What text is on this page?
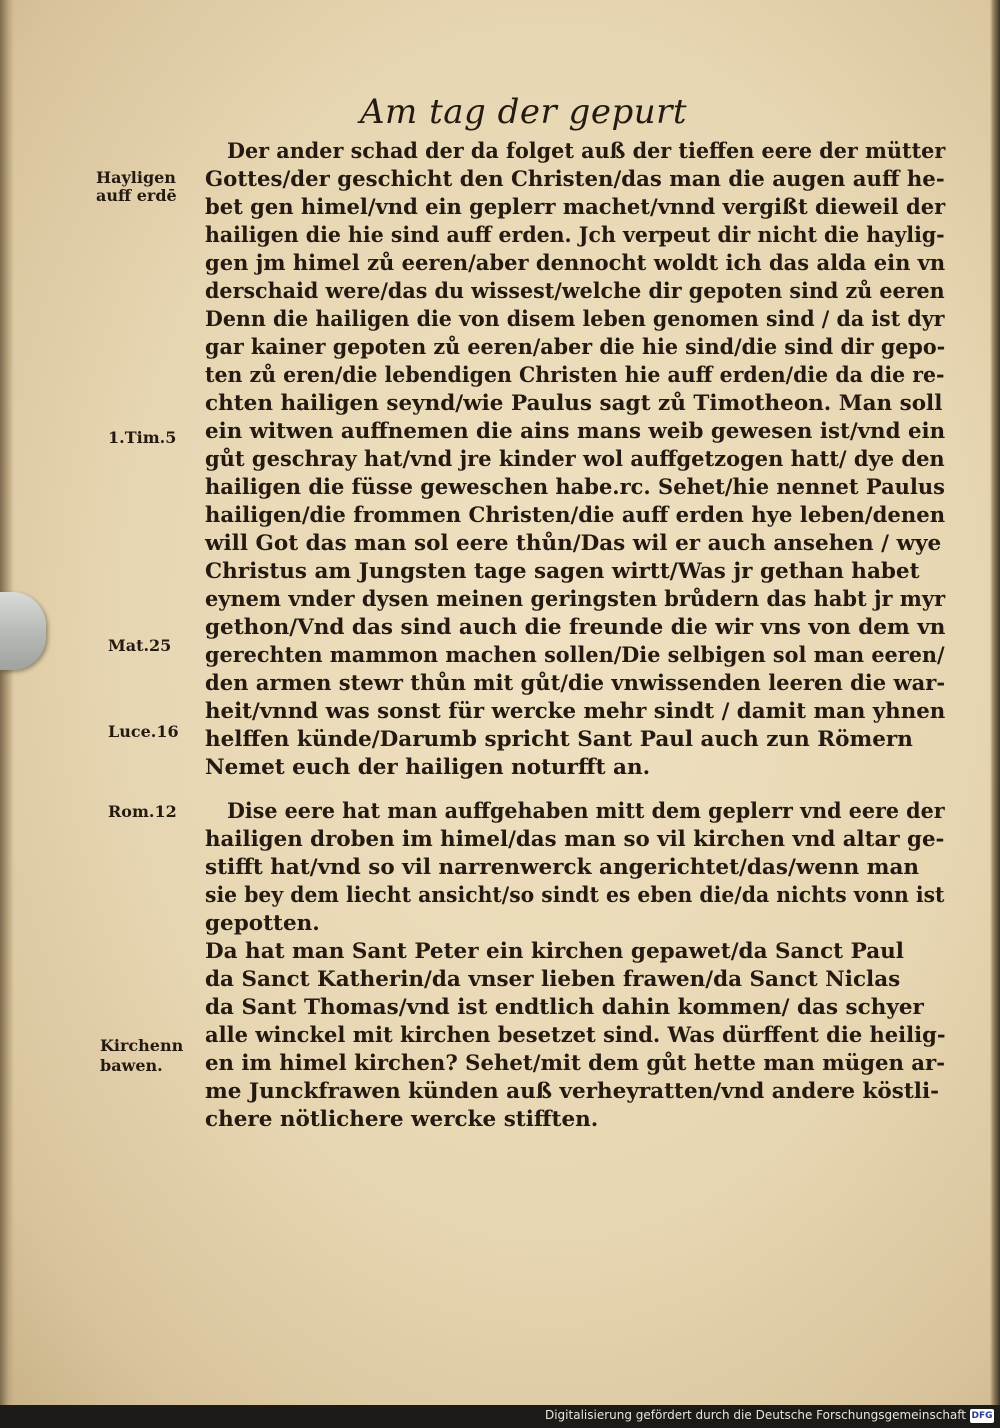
Am tag der gepurt
Hayligen
auff erdē
1.Tim.5
Mat.25
Luce.16
Rom.12
Kirchenn
bawen.
Der ander schad der da folget auß der tieffen eere der mütter
Gottes/der geschicht den Christen/das man die augen auff he-
bet gen himel/vnd ein geplerr machet/vnnd vergißt dieweil der
hailigen die hie sind auff erden. Jch verpeut dir nicht die haylig-
gen jm himel zů eeren/aber dennocht woldt ich das alda ein vn
derschaid were/das du wissest/welche dir gepoten sind zů eeren
Denn die hailigen die von disem leben genomen sind / da ist dyr
gar kainer gepoten zů eeren/aber die hie sind/die sind dir gepo-
ten zů eren/die lebendigen Christen hie auff erden/die da die re-
chten hailigen seynd/wie Paulus sagt zů Timotheon. Man soll
ein witwen auffnemen die ains mans weib gewesen ist/vnd ein
gůt geschray hat/vnd jre kinder wol auffgetzogen hatt/ dye den
hailigen die füsse geweschen habe.rc. Sehet/hie nennet Paulus
hailigen/die frommen Christen/die auff erden hye leben/denen
will Got das man sol eere thůn/Das wil er auch ansehen / wye
Christus am Jungsten tage sagen wirtt/Was jr gethan habet
eynem vnder dysen meinen geringsten brůdern das habt jr myr
gethon/Vnd das sind auch die freunde die wir vns von dem vn
gerechten mammon machen sollen/Die selbigen sol man eeren/
den armen stewr thůn mit gůt/die vnwissenden leeren die war-
heit/vnnd was sonst für wercke mehr sindt / damit man yhnen
helffen künde/Darumb spricht Sant Paul auch zun Römern
Nemet euch der hailigen noturfft an.
Dise eere hat man auffgehaben mitt dem geplerr vnd eere der
hailigen droben im himel/das man so vil kirchen vnd altar ge-
stifft hat/vnd so vil narrenwerck angerichtet/das/wenn man
sie bey dem liecht ansicht/so sindt es eben die/da nichts vonn ist
gepotten.
Da hat man Sant Peter ein kirchen gepawet/da Sanct Paul
da Sanct Katherin/da vnser lieben frawen/da Sanct Niclas
da Sant Thomas/vnd ist endtlich dahin kommen/ das schyer
alle winckel mit kirchen besetzet sind. Was dürffent die heilig-
en im himel kirchen? Sehet/mit dem gůt hette man mügen ar-
me Junckfrawen künden auß verheyratten/vnd andere köstli-
chere nötlichere wercke stifften.
Digitalisierung gefördert durch die Deutsche Forschungsgemeinschaft DFG
